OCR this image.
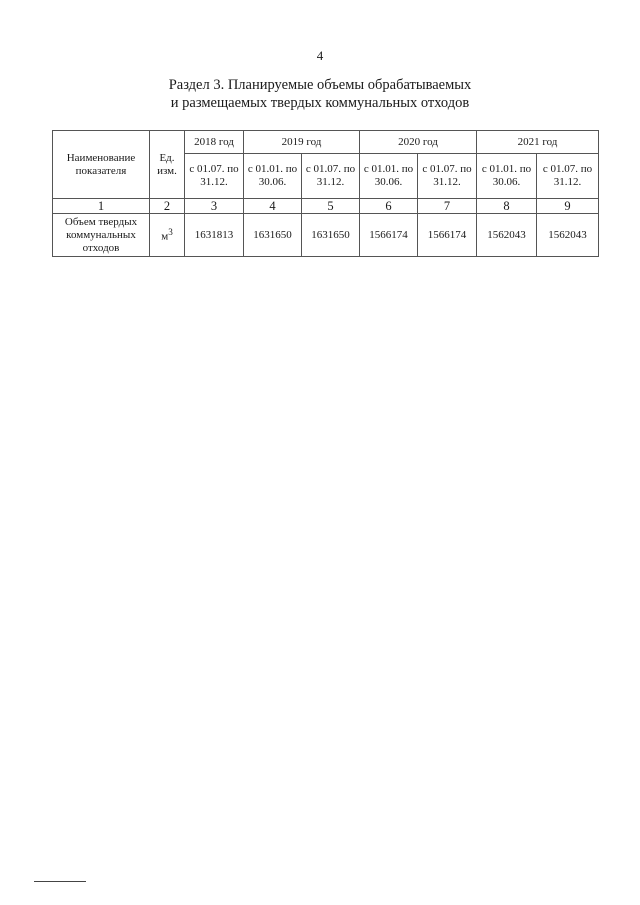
4
Раздел 3. Планируемые объемы обрабатываемых
и размещаемых твердых коммунальных отходов
Наименование показателя	Ед. изм.	2018 год	2019 год		2020 год		2021 год	
		с 01.07. по 31.12.	с 01.01. по 30.06.	с 01.07. по 31.12.	с 01.01. по 30.06.	с 01.07. по 31.12.	с 01.01. по 30.06.	с 01.07. по 31.12.
1	2	3	4	5	6	7	8	9
Объем твердых коммунальных отходов	$м^3$	1631813	1631650	1631650	1566174	1566174	1562043	1562043
